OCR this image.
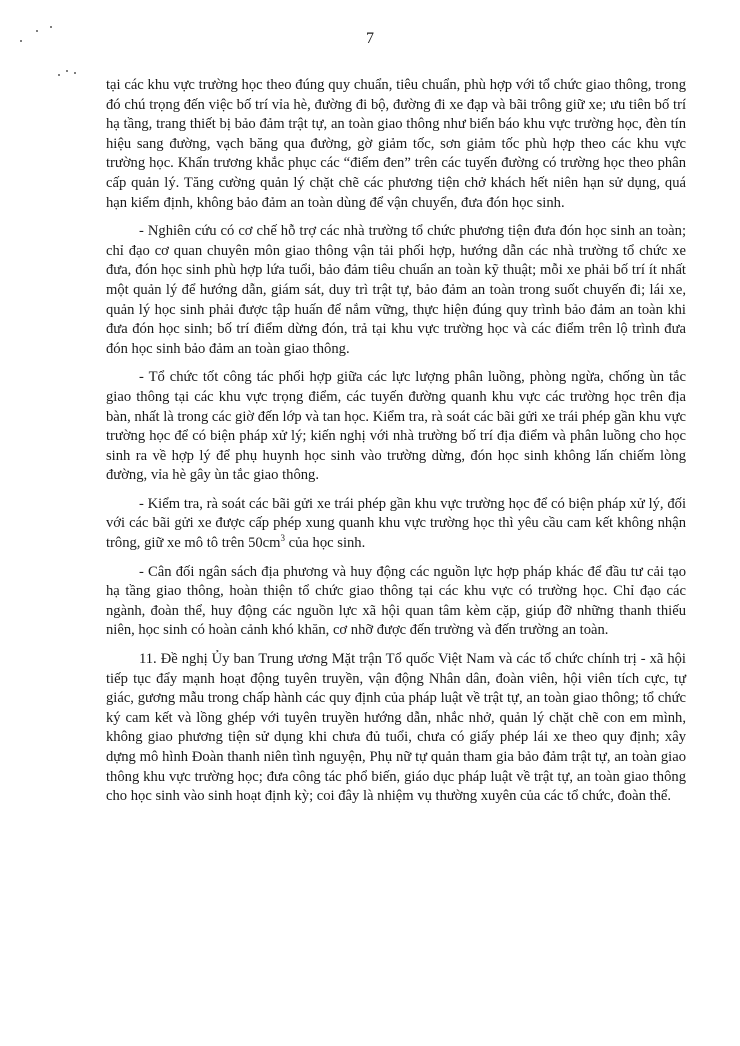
7

tại các khu vực trường học theo đúng quy chuẩn, tiêu chuẩn, phù hợp với tổ chức giao thông, trong đó chú trọng đến việc bố trí vỉa hè, đường đi bộ, đường đi xe đạp và bãi trông giữ xe; ưu tiên bố trí hạ tầng, trang thiết bị bảo đảm trật tự, an toàn giao thông như biển báo khu vực trường học, đèn tín hiệu sang đường, vạch băng qua đường, gờ giảm tốc, sơn giảm tốc phù hợp theo các khu vực trường học. Khẩn trương khắc phục các “điểm đen” trên các tuyến đường có trường học theo phân cấp quản lý. Tăng cường quản lý chặt chẽ các phương tiện chở khách hết niên hạn sử dụng, quá hạn kiểm định, không bảo đảm an toàn dùng để vận chuyển, đưa đón học sinh.

- Nghiên cứu có cơ chế hỗ trợ các nhà trường tổ chức phương tiện đưa đón học sinh an toàn; chỉ đạo cơ quan chuyên môn giao thông vận tải phối hợp, hướng dẫn các nhà trường tổ chức xe đưa, đón học sinh phù hợp lứa tuổi, bảo đảm tiêu chuẩn an toàn kỹ thuật; mỗi xe phải bố trí ít nhất một quản lý để hướng dẫn, giám sát, duy trì trật tự, bảo đảm an toàn trong suốt chuyến đi; lái xe, quản lý học sinh phải được tập huấn để nắm vững, thực hiện đúng quy trình bảo đảm an toàn khi đưa đón học sinh; bố trí điểm dừng đón, trả tại khu vực trường học và các điểm trên lộ trình đưa đón học sinh bảo đảm an toàn giao thông.

- Tổ chức tốt công tác phối hợp giữa các lực lượng phân luồng, phòng ngừa, chống ùn tắc giao thông tại các khu vực trọng điểm, các tuyến đường quanh khu vực các trường học trên địa bàn, nhất là trong các giờ đến lớp và tan học. Kiểm tra, rà soát các bãi gửi xe trái phép gần khu vực trường học để có biện pháp xử lý; kiến nghị với nhà trường bố trí địa điểm và phân luồng cho học sinh ra về hợp lý để phụ huynh học sinh vào trường dừng, đón học sinh không lấn chiếm lòng đường, vỉa hè gây ùn tắc giao thông.

- Kiểm tra, rà soát các bãi gửi xe trái phép gần khu vực trường học để có biện pháp xử lý, đối với các bãi gửi xe được cấp phép xung quanh khu vực trường học thì yêu cầu cam kết không nhận trông, giữ xe mô tô trên $50cm^3$ của học sinh.

- Cân đối ngân sách địa phương và huy động các nguồn lực hợp pháp khác để đầu tư cải tạo hạ tầng giao thông, hoàn thiện tổ chức giao thông tại các khu vực có trường học. Chỉ đạo các ngành, đoàn thể, huy động các nguồn lực xã hội quan tâm kèm cặp, giúp đỡ những thanh thiếu niên, học sinh có hoàn cảnh khó khăn, cơ nhỡ được đến trường và đến trường an toàn.

11. Đề nghị Ủy ban Trung ương Mặt trận Tổ quốc Việt Nam và các tổ chức chính trị - xã hội tiếp tục đẩy mạnh hoạt động tuyên truyền, vận động Nhân dân, đoàn viên, hội viên tích cực, tự giác, gương mẫu trong chấp hành các quy định của pháp luật về trật tự, an toàn giao thông; tổ chức ký cam kết và lồng ghép với tuyên truyền hướng dẫn, nhắc nhở, quản lý chặt chẽ con em mình, không giao phương tiện sử dụng khi chưa đủ tuổi, chưa có giấy phép lái xe theo quy định; xây dựng mô hình Đoàn thanh niên tình nguyện, Phụ nữ tự quản tham gia bảo đảm trật tự, an toàn giao thông khu vực trường học; đưa công tác phổ biến, giáo dục pháp luật về trật tự, an toàn giao thông cho học sinh vào sinh hoạt định kỳ; coi đây là nhiệm vụ thường xuyên của các tổ chức, đoàn thể.
